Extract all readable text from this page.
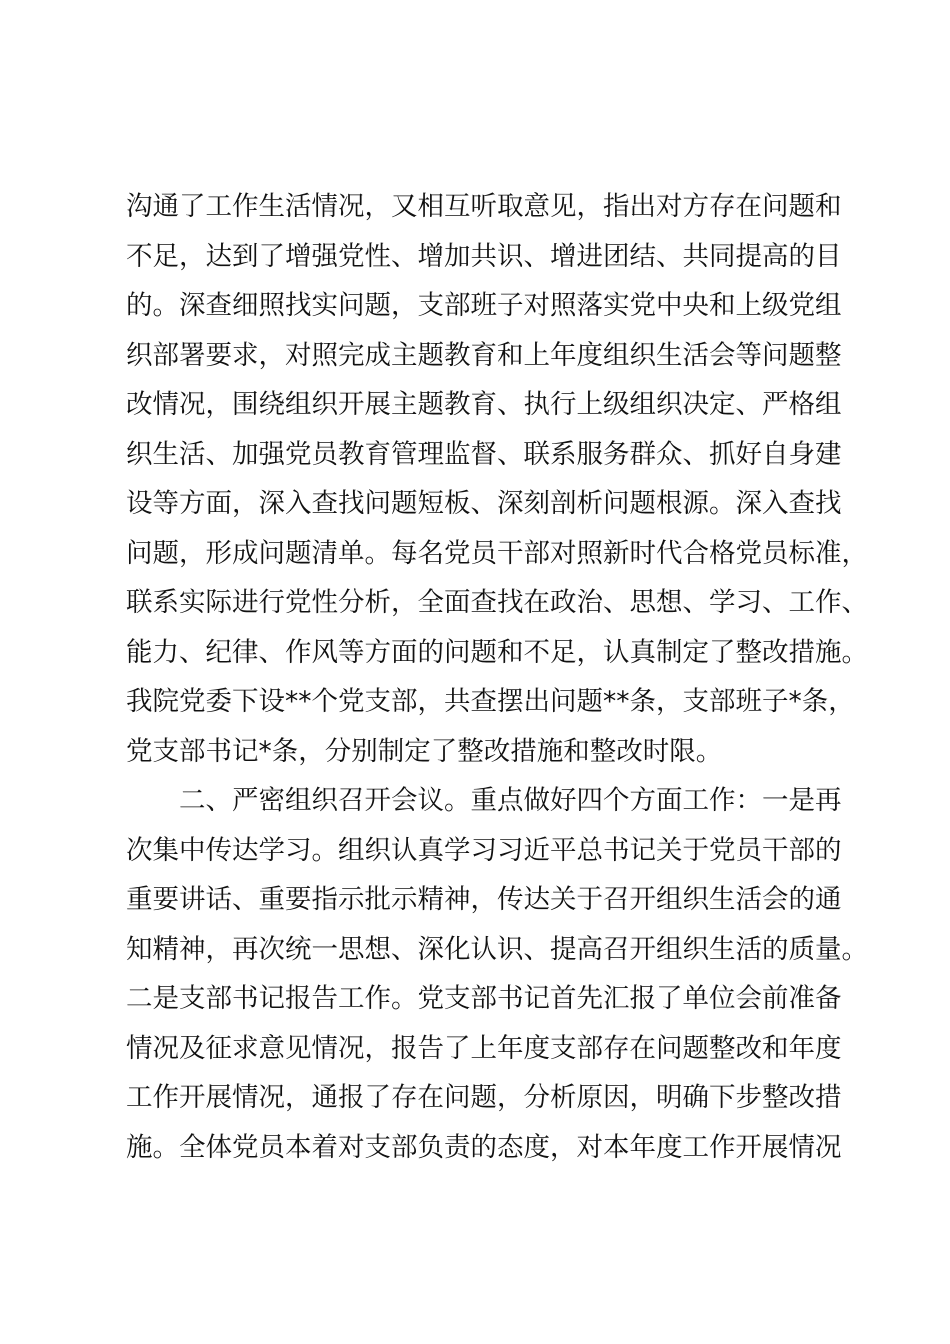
沟通了工作生活情况，又相互听取意见，指出对方存在问题和
不足，达到了增强党性、增加共识、增进团结、共同提高的目
的。深查细照找实问题，支部班子对照落实党中央和上级党组
织部署要求，对照完成主题教育和上年度组织生活会等问题整
改情况，围绕组织开展主题教育、执行上级组织决定、严格组
织生活、加强党员教育管理监督、联系服务群众、抓好自身建
设等方面，深入查找问题短板、深刻剖析问题根源。深入查找
问题，形成问题清单。每名党员干部对照新时代合格党员标准，
联系实际进行党性分析，全面查找在政治、思想、学习、工作、
能力、纪律、作风等方面的问题和不足，认真制定了整改措施。
我院党委下设**个党支部，共查摆出问题**条，支部班子*条，
党支部书记*条，分别制定了整改措施和整改时限。
二、严密组织召开会议。重点做好四个方面工作：一是再
次集中传达学习。组织认真学习习近平总书记关于党员干部的
重要讲话、重要指示批示精神，传达关于召开组织生活会的通
知精神，再次统一思想、深化认识、提高召开组织生活的质量。
二是支部书记报告工作。党支部书记首先汇报了单位会前准备
情况及征求意见情况，报告了上年度支部存在问题整改和年度
工作开展情况，通报了存在问题，分析原因，明确下步整改措
施。全体党员本着对支部负责的态度，对本年度工作开展情况
